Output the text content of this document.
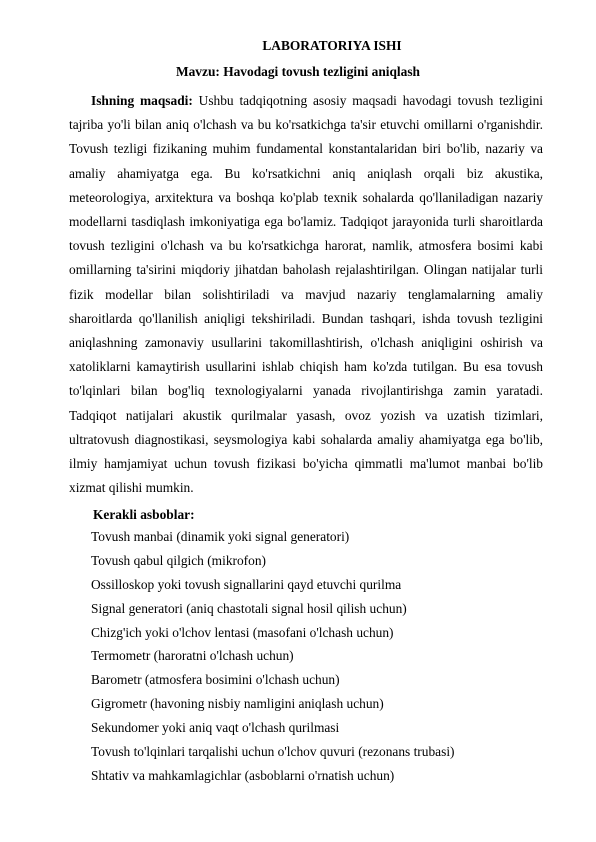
LABORATORIYA ISHI
Mavzu: Havodagi tovush tezligini aniqlash

Ishning maqsadi: Ushbu tadqiqotning asosiy maqsadi havodagi tovush tezligini tajriba yo'li bilan aniq o'lchash va bu ko'rsatkichga ta'sir etuvchi omillarni o'rganishdir. Tovush tezligi fizikaning muhim fundamental konstantalaridan biri bo'lib, nazariy va amaliy ahamiyatga ega. Bu ko'rsatkichni aniq aniqlash orqali biz akustika, meteorologiya, arxitektura va boshqa ko'plab texnik sohalarda qo'llaniladigan nazariy modellarni tasdiqlash imkoniyatiga ega bo'lamiz. Tadqiqot jarayonida turli sharoitlarda tovush tezligini o'lchash va bu ko'rsatkichga harorat, namlik, atmosfera bosimi kabi omillarning ta'sirini miqdoriy jihatdan baholash rejalashtirilgan. Olingan natijalar turli fizik modellar bilan solishtiriladi va mavjud nazariy tenglamalarning amaliy sharoitlarda qo'llanilish aniqligi tekshiriladi. Bundan tashqari, ishda tovush tezligini aniqlashning zamonaviy usullarini takomillashtirish, o'lchash aniqligini oshirish va xatoliklarni kamaytirish usullarini ishlab chiqish ham ko'zda tutilgan. Bu esa tovush to'lqinlari bilan bog'liq texnologiyalarni yanada rivojlantirishga zamin yaratadi. Tadqiqot natijalari akustik qurilmalar yasash, ovoz yozish va uzatish tizimlari, ultratovush diagnostikasi, seysmologiya kabi sohalarda amaliy ahamiyatga ega bo'lib, ilmiy hamjamiyat uchun tovush fizikasi bo'yicha qimmatli ma'lumot manbai bo'lib xizmat qilishi mumkin.

Kerakli asboblar:
Tovush manbai (dinamik yoki signal generatori)
Tovush qabul qilgich (mikrofon)
Ossilloskop yoki tovush signallarini qayd etuvchi qurilma
Signal generatori (aniq chastotali signal hosil qilish uchun)
Chizg'ich yoki o'lchov lentasi (masofani o'lchash uchun)
Termometr (haroratni o'lchash uchun)
Barometr (atmosfera bosimini o'lchash uchun)
Gigrometr (havoning nisbiy namligini aniqlash uchun)
Sekundomer yoki aniq vaqt o'lchash qurilmasi
Tovush to'lqinlari tarqalishi uchun o'lchov quvuri (rezonans trubasi)
Shtativ va mahkamlagichlar (asboblarni o'rnatish uchun)
